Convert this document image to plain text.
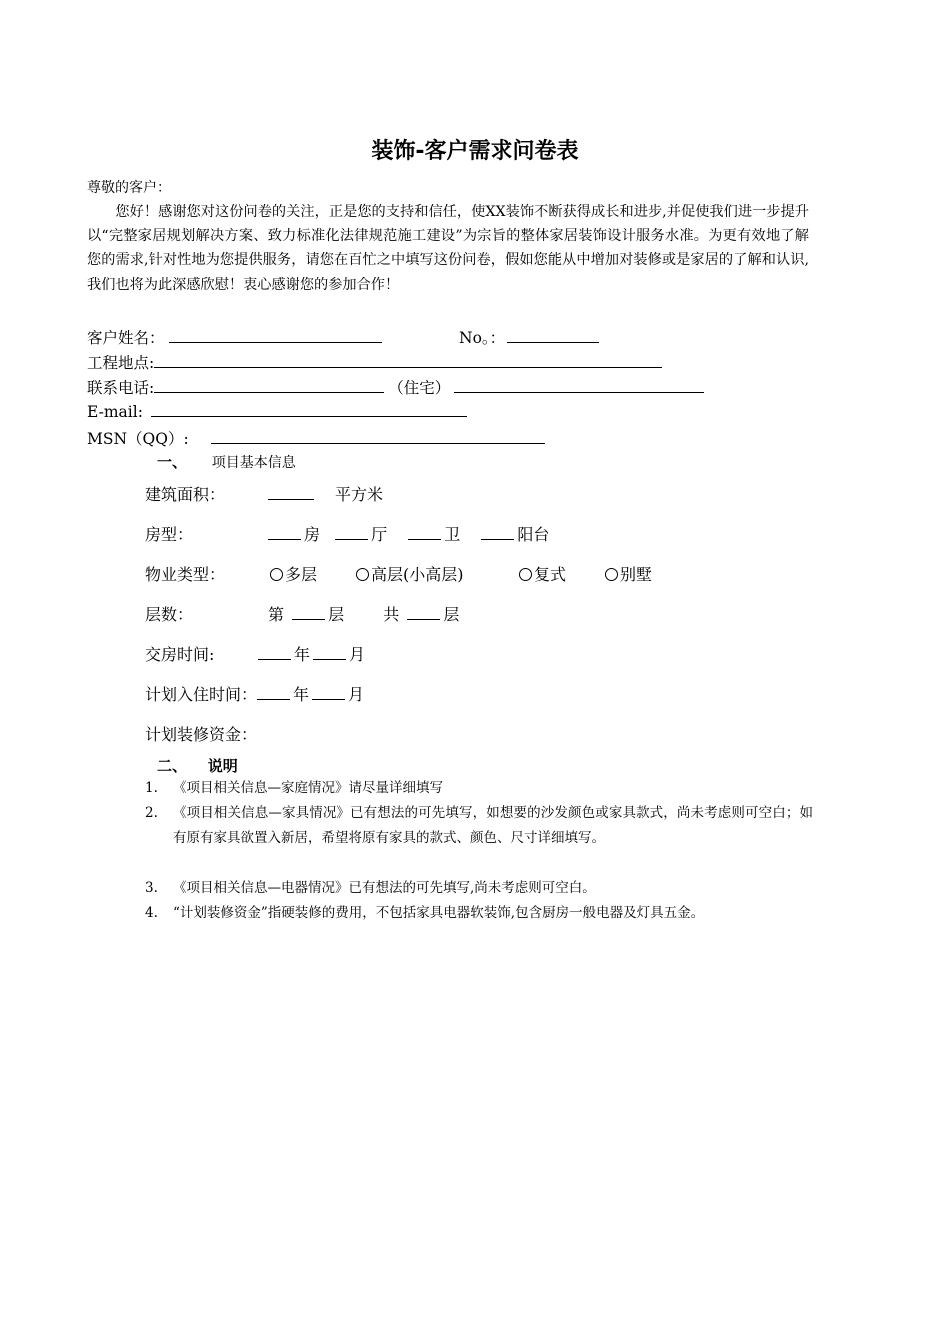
装饰-客户需求问卷表
尊敬的客户：
您好！感谢您对这份问卷的关注，正是您的支持和信任，使XX装饰不断获得成长和进步,并促使我们进一步提升以“完整家居规划解决方案、致力标准化法律规范施工建设”为宗旨的整体家居装饰设计服务水准。为更有效地了解您的需求,针对性地为您提供服务，请您在百忙之中填写这份问卷，假如您能从中增加对装修或是家居的了解和认识,我们也将为此深感欣慰！衷心感谢您的参加合作！
客户姓名：	No。：
工程地点:
联系电话:	（住宅）
E-mail:
MSN（QQ）:
一、 项目基本信息
建筑面积：	平方米
房型：	房	厅	卫	阳台
物业类型：	多层	高层(小高层)	复式	别墅
层数：	第	层 共	层
交房时间:	年 月
计划入住时间： 年 月
计划装修资金：
二、 说明
1.	《项目相关信息—家庭情况》请尽量详细填写
2.	《项目相关信息—家具情况》已有想法的可先填写，如想要的沙发颜色或家具款式，尚未考虑则可空白；如有原有家具欲置入新居，希望将原有家具的款式、颜色、尺寸详细填写。
3.	《项目相关信息—电器情况》已有想法的可先填写,尚未考虑则可空白。
4.	“计划装修资金”指硬装修的费用，不包括家具电器软装饰,包含厨房一般电器及灯具五金。
